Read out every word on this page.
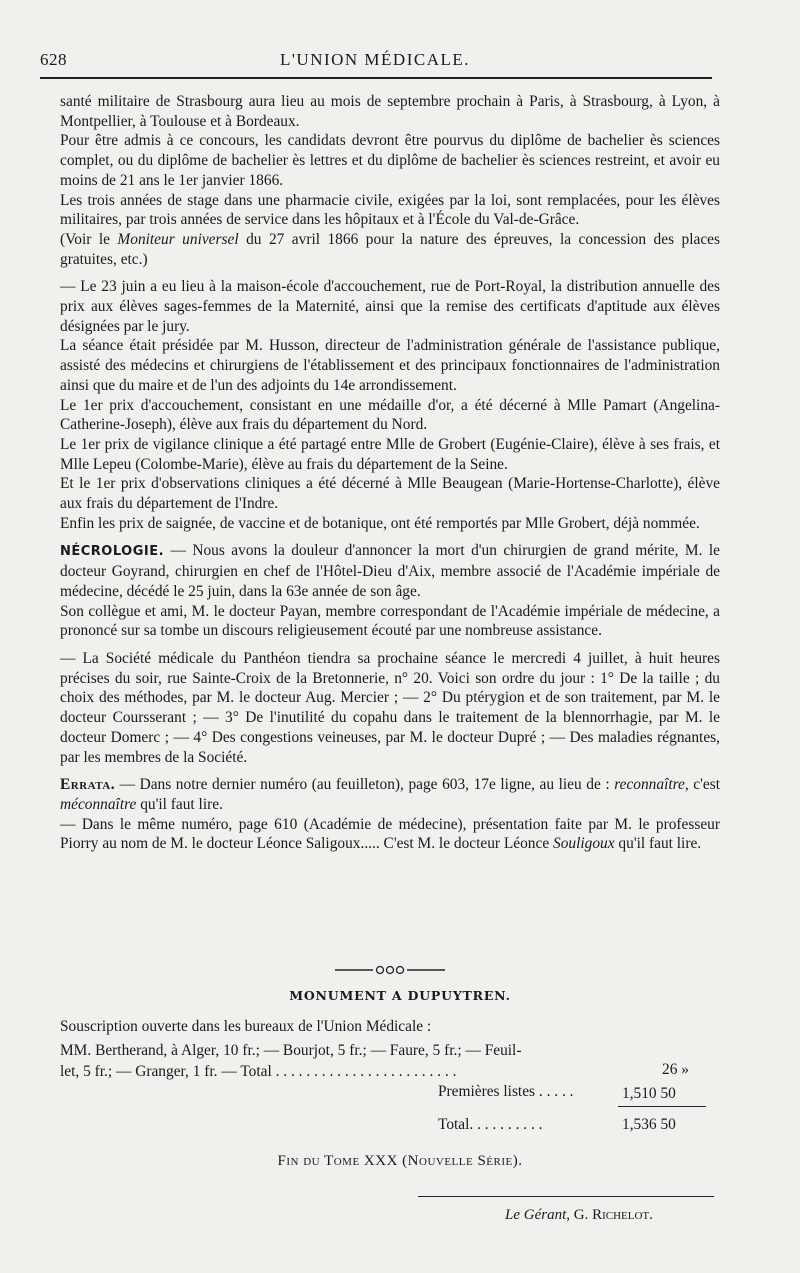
628	L'UNION MÉDICALE.

santé militaire de Strasbourg aura lieu au mois de septembre prochain à Paris, à Strasbourg, à Lyon, à Montpellier, à Toulouse et à Bordeaux.

Pour être admis à ce concours, les candidats devront être pourvus du diplôme de bachelier ès sciences complet, ou du diplôme de bachelier ès lettres et du diplôme de bachelier ès sciences restreint, et avoir eu moins de 21 ans le 1er janvier 1866.

Les trois années de stage dans une pharmacie civile, exigées par la loi, sont remplacées, pour les élèves militaires, par trois années de service dans les hôpitaux et à l'École du Val-de-Grâce.

(Voir le Moniteur universel du 27 avril 1866 pour la nature des épreuves, la concession des places gratuites, etc.)

— Le 23 juin a eu lieu à la maison-école d'accouchement, rue de Port-Royal, la distribution annuelle des prix aux élèves sages-femmes de la Maternité, ainsi que la remise des certificats d'aptitude aux élèves désignées par le jury.

La séance était présidée par M. Husson, directeur de l'administration générale de l'assistance publique, assisté des médecins et chirurgiens de l'établissement et des principaux fonctionnaires de l'administration ainsi que du maire et de l'un des adjoints du 14e arrondissement.

Le 1er prix d'accouchement, consistant en une médaille d'or, a été décerné à Mlle Pamart (Angelina-Catherine-Joseph), élève aux frais du département du Nord.

Le 1er prix de vigilance clinique a été partagé entre Mlle de Grobert (Eugénie-Claire), élève à ses frais, et Mlle Lepeu (Colombe-Marie), élève au frais du département de la Seine.

Et le 1er prix d'observations cliniques a été décerné à Mlle Beaugean (Marie-Hortense-Charlotte), élève aux frais du département de l'Indre.

Enfin les prix de saignée, de vaccine et de botanique, ont été remportés par Mlle Grobert, déjà nommée.

NÉCROLOGIE. — Nous avons la douleur d'annoncer la mort d'un chirurgien de grand mérite, M. le docteur Goyrand, chirurgien en chef de l'Hôtel-Dieu d'Aix, membre associé de l'Académie impériale de médecine, décédé le 25 juin, dans la 63e année de son âge.

Son collègue et ami, M. le docteur Payan, membre correspondant de l'Académie impériale de médecine, a prononcé sur sa tombe un discours religieusement écouté par une nombreuse assistance.

— La Société médicale du Panthéon tiendra sa prochaine séance le mercredi 4 juillet, à huit heures précises du soir, rue Sainte-Croix de la Bretonnerie, n° 20. Voici son ordre du jour : 1° De la taille ; du choix des méthodes, par M. le docteur Aug. Mercier ; — 2° Du ptérygion et de son traitement, par M. le docteur Coursserant ; — 3° De l'inutilité du copahu dans le traitement de la blennorrhagie, par M. le docteur Domerc ; — 4° Des congestions veineuses, par M. le docteur Dupré ; — Des maladies régnantes, par les membres de la Société.

Errata. — Dans notre dernier numéro (au feuilleton), page 603, 17e ligne, au lieu de : reconnaître, c'est méconnaître qu'il faut lire.

— Dans le même numéro, page 610 (Académie de médecine), présentation faite par M. le professeur Piorry au nom de M. le docteur Léonce Saligoux..... C'est M. le docteur Léonce Souligoux qu'il faut lire.

MONUMENT A DUPUYTREN.
Souscription ouverte dans les bureaux de l'Union Médicale :
MM. Bertherand, à Alger, 10 fr.; — Bourjot, 5 fr.; — Faure, 5 fr.; — Feuil-
let, 5 fr.; — Granger, 1 fr. — Total . . . . . . . . . . . . . . . . . . . . . . . .	26 »
Premières listes . . . . .	1,510 50
Total. . . . . . . . . .	1,536 50
Fin du Tome XXX (Nouvelle Série).
Le Gérant, G. Richelot.
